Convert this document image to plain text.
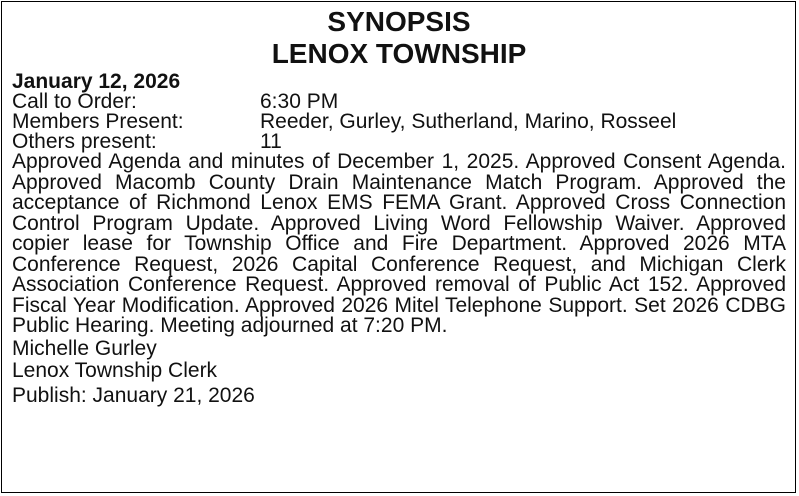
SYNOPSIS
LENOX TOWNSHIP
January 12, 2026
Call to Order:	6:30 PM
Members Present:	Reeder, Gurley, Sutherland, Marino, Rosseel
Others present:	11

Approved Agenda and minutes of December 1, 2025. Approved Consent Agenda. Approved Macomb County Drain Maintenance Match Program. Approved the acceptance of Richmond Lenox EMS FEMA Grant. Approved Cross Connection Control Program Update. Approved Living Word Fellowship Waiver. Approved copier lease for Township Office and Fire Department. Approved 2026 MTA Conference Request, 2026 Capital Conference Request, and Michigan Clerk Association Conference Request. Approved removal of Public Act 152. Approved Fiscal Year Modification. Approved 2026 Mitel Telephone Support. Set 2026 CDBG Public Hearing. Meeting adjourned at 7:20 PM.

Michelle Gurley
Lenox Township Clerk
Publish: January 21, 2026
